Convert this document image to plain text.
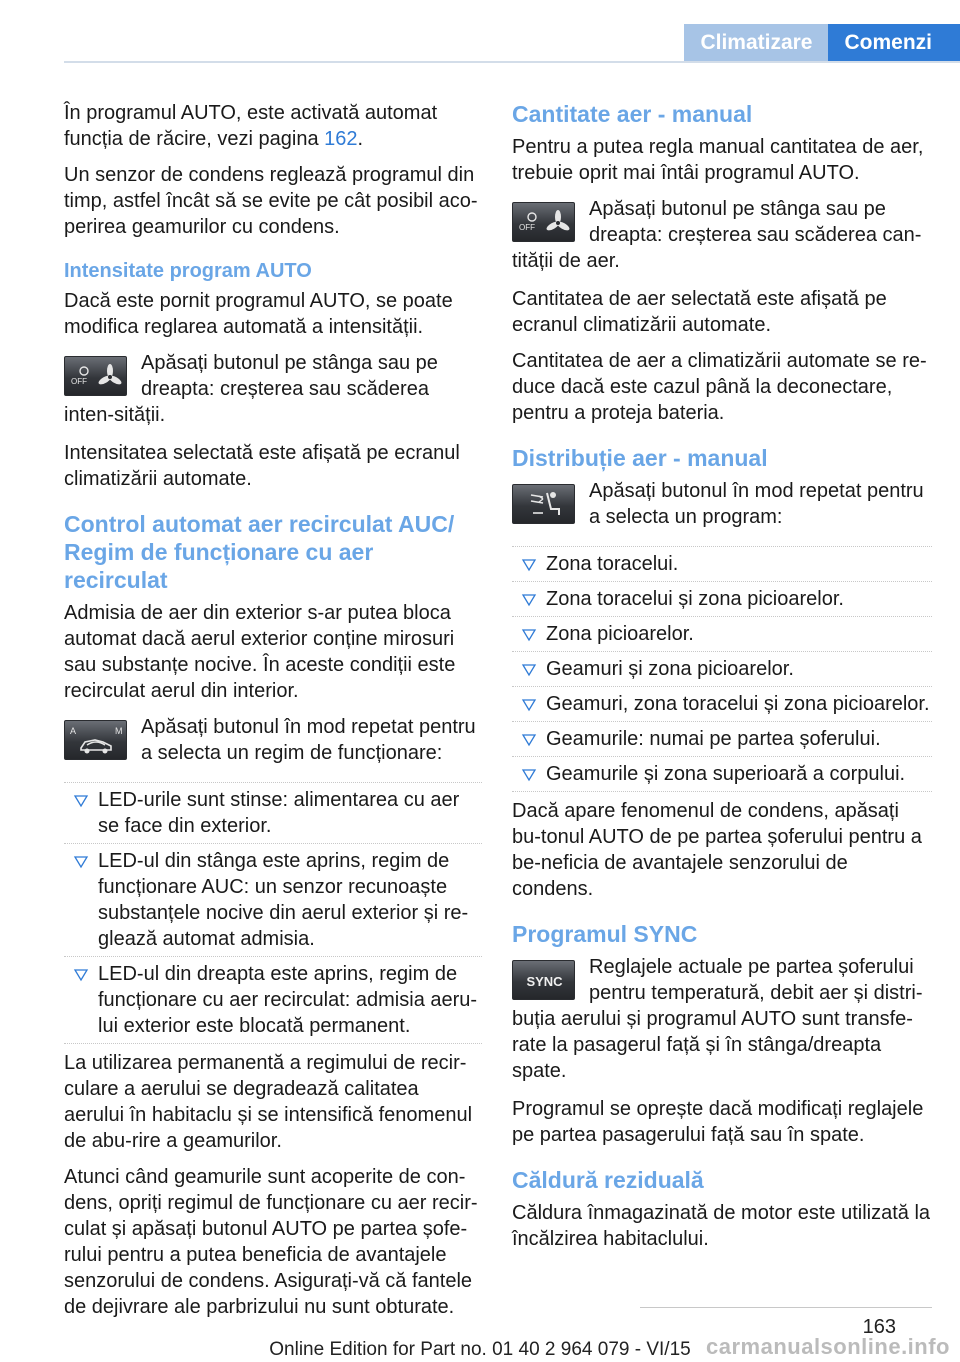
Climatizare	Comenzi

În programul AUTO, este activată automat funcția de răcire, vezi pagina 162.

Un senzor de condens reglează programul din timp, astfel încât să se evite pe cât posibil aco‐perirea geamurilor cu condens.

Intensitate program AUTO

Dacă este pornit programul AUTO, se poate modifica reglarea automată a intensității.

OFF
Apăsați butonul pe stânga sau pe dreapta: creșterea sau scăderea inten‐sității.

Intensitatea selectată este afișată pe ecranul climatizării automate.

Control automat aer recirculat AUC/ Regim de funcționare cu aer recirculat

Admisia de aer din exterior s-ar putea bloca automat dacă aerul exterior conține mirosuri sau substanțe nocive. În aceste condiții este recirculat aerul din interior.

A	M Apăsați butonul în mod repetat pentru a selecta un regim de funcționare:
LED-urile sunt stinse: alimentarea cu aer se face din exterior.
LED-ul din stânga este aprins, regim de funcționare AUC: un senzor recunoaște substanțele nocive din aerul exterior și re‐glează automat admisia.
LED-ul din dreapta este aprins, regim de funcționare cu aer recirculat: admisia aeru‐lui exterior este blocată permanent.

La utilizarea permanentă a regimului de recir‐culare a aerului se degradează calitatea aerului în habitaclu și se intensifică fenomenul de abu‐rire a geamurilor.

Atunci când geamurile sunt acoperite de con‐dens, opriți regimul de funcționare cu aer recir‐culat și apăsați butonul AUTO pe partea șofe‐rului pentru a putea beneficia de avantajele senzorului de condens. Asigurați-vă că fantele de dejivrare ale parbrizului nu sunt obturate.

Cantitate aer - manual

Pentru a putea regla manual cantitatea de aer, trebuie oprit mai întâi programul AUTO.

OFF
Apăsați butonul pe stânga sau pe dreapta: creșterea sau scăderea can‐tității de aer.

Cantitatea de aer selectată este afișată pe ecranul climatizării automate.

Cantitatea de aer a climatizării automate se re‐duce dacă este cazul până la deconectare, pentru a proteja bateria.

Distribuție aer - manual
Apăsați butonul în mod repetat pentru a selecta un program:
Zona toracelui.
Zona toracelui și zona picioarelor.
Zona picioarelor.
Geamuri și zona picioarelor.
Geamuri, zona toracelui și zona picioarelor.
Geamurile: numai pe partea șoferului.
Geamurile și zona superioară a corpului.

Dacă apare fenomenul de condens, apăsați bu‐tonul AUTO de pe partea șoferului pentru a be‐neficia de avantajele senzorului de condens.

Programul SYNC
SYNC
Reglajele actuale pe partea șoferului pentru temperatură, debit aer și distri‐buția aerului și programul AUTO sunt transfe‐rate la pasagerul față și în stânga/dreapta spate.

Programul se oprește dacă modificați reglajele pe partea pasagerului față sau în spate.

Căldură reziduală

Căldura înmagazinată de motor este utilizată la încălzirea habitaclului.

163
carmanualsonline.info
Online Edition for Part no. 01 40 2 964 079 - VI/15
